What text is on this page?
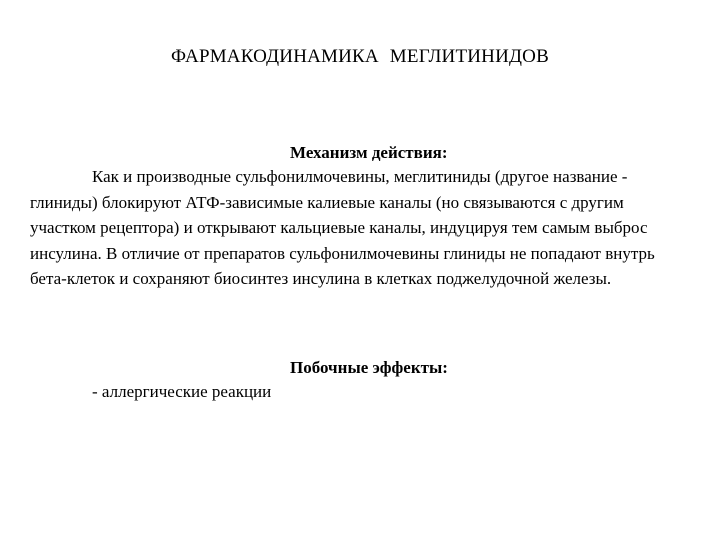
ФАРМАКОДИНАМИКА МЕГЛИТИНИДОВ
Механизм действия:

Как и производные сульфонилмочевины, меглитиниды (другое название - глиниды) блокируют АТФ-зависимые калиевые каналы (но связываются с другим участком рецептора) и открывают кальциевые каналы, индуцируя тем самым выброс инсулина. В отличие от препаратов сульфонилмочевины глиниды не попадают внутрь бета-клеток и сохраняют биосинтез инсулина в клетках поджелудочной железы.

Побочные эффекты:
- аллергические реакции
